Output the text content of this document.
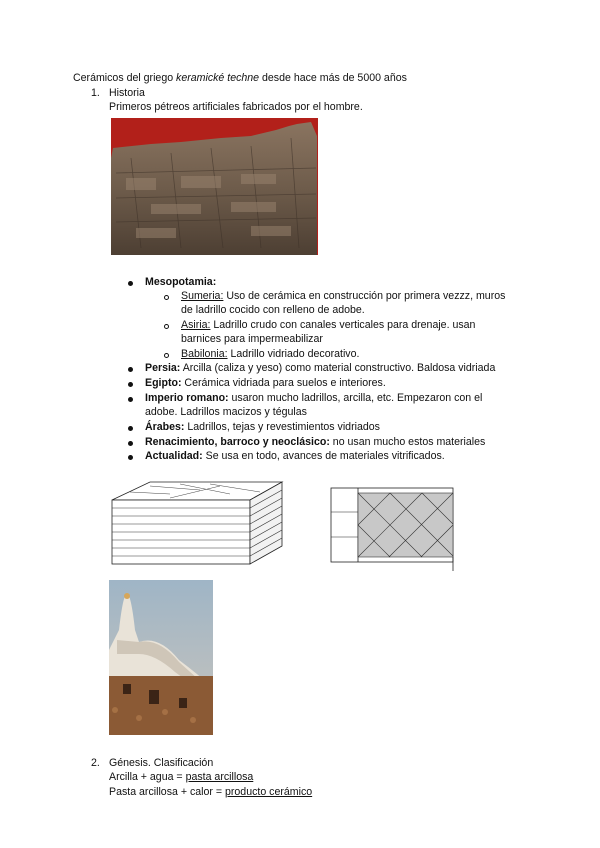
Cerámicos del griego keramické techne desde hace más de 5000 años
1. Historia
Primeros pétreos artificiales fabricados por el hombre.
Mesopotamia:
Sumeria: Uso de cerámica en construcción por primera vezzz, muros
de ladrillo cocido con relleno de adobe.
Asiria: Ladrillo crudo con canales verticales para drenaje. usan
barnices para impermeabilizar
Babilonia: Ladrillo vidriado decorativo.
Persia: Arcilla (caliza y yeso) como material constructivo. Baldosa vidriada
Egipto: Cerámica vidriada para suelos e interiores.
Imperio romano: usaron mucho ladrillos, arcilla, etc. Empezaron con el
adobe. Ladrillos macizos y tégulas
Árabes: Ladrillos, tejas y revestimientos vidriados
Renacimiento, barroco y neoclásico: no usan mucho estos materiales
Actualidad: Se usa en todo, avances de materiales vitrificados.
2. Génesis. Clasificación
Arcilla + agua = pasta arcillosa
Pasta arcillosa + calor = producto cerámico
